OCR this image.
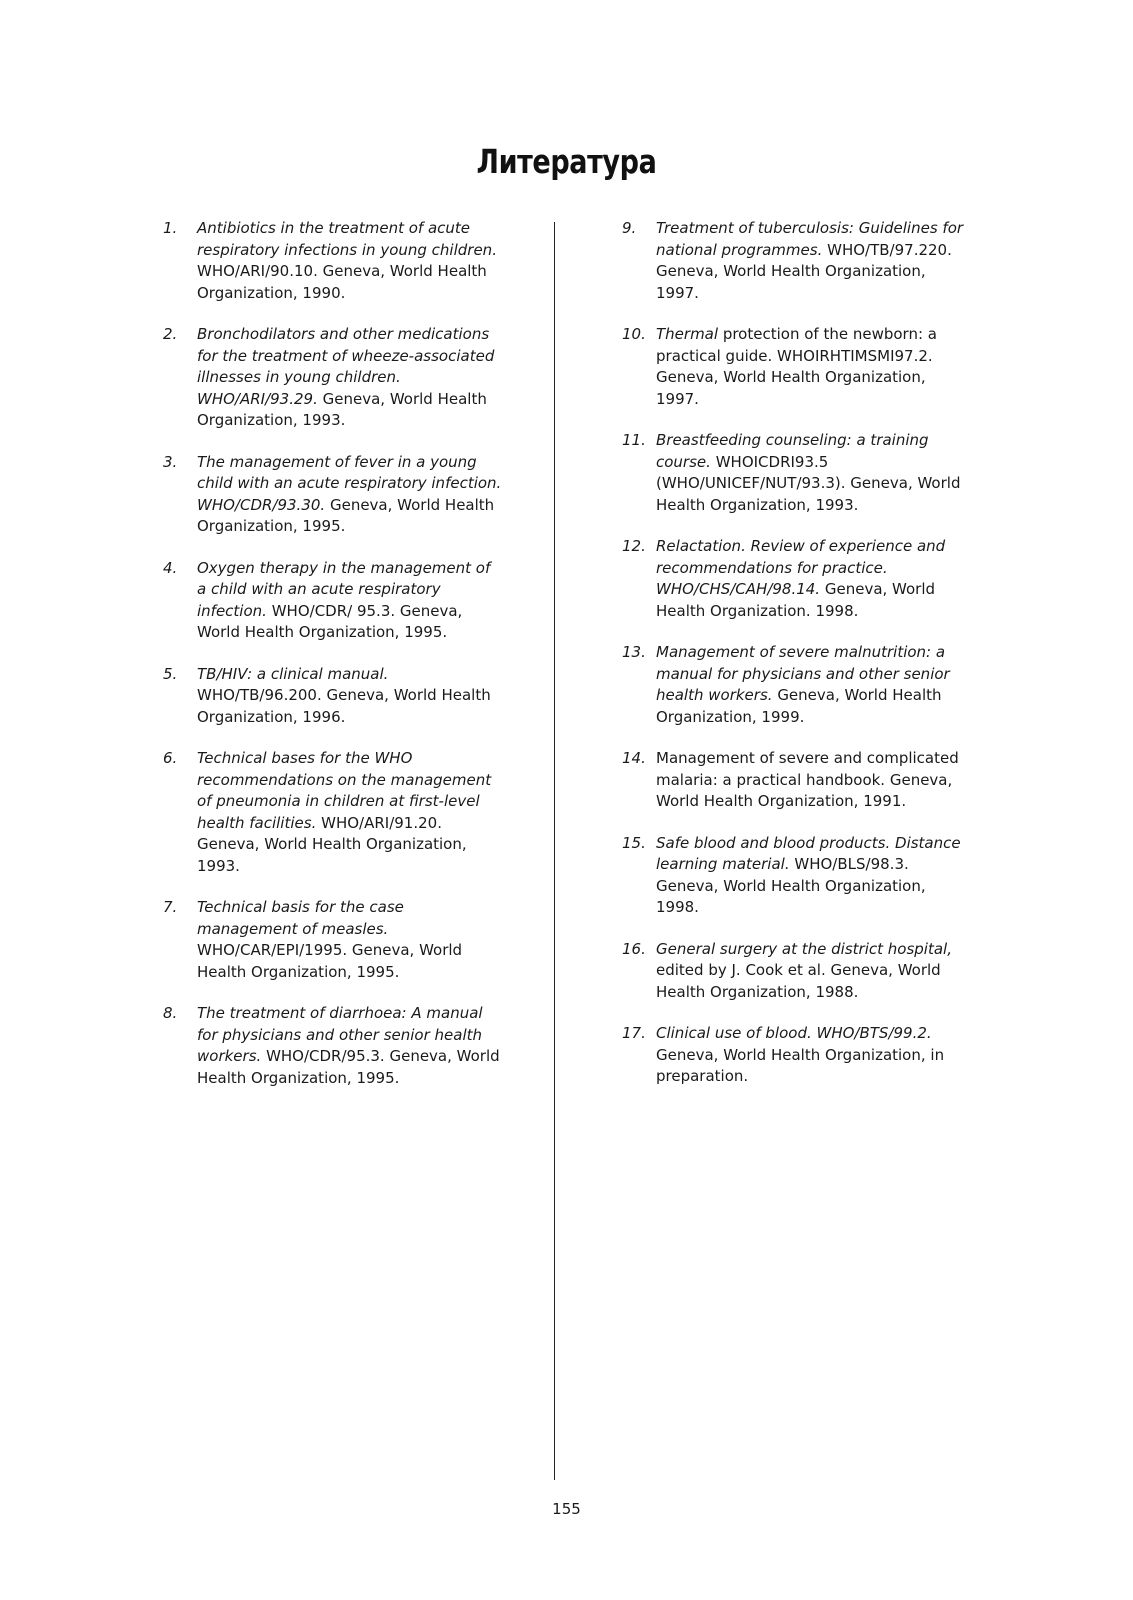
Литература
1.	Antibiotics in the treatment of acute respiratory infections in young children. WHO/ARI/90.10. Geneva, World Health Organization, 1990.
2.	Bronchodilators and other medications for the treatment of wheeze-associated illnesses in young children. WHO/ARI/93.29. Geneva, World Health Organization, 1993.
3.	The management of fever in a young child with an acute respiratory infection. WHO/CDR/93.30. Geneva, World Health Organization, 1995.
4.	Oxygen therapy in the management of a child with an acute respiratory infection. WHO/CDR/ 95.3. Geneva, World Health Organization, 1995.
5.	TB/HIV: a clinical manual. WHO/TB/96.200. Geneva, World Health Organization, 1996.
6.	Technical bases for the WHO recommendations on the management of pneumonia in children at first-level health facilities. WHO/ARI/91.20. Geneva, World Health Organization, 1993.
7.	Technical basis for the case management of measles. WHO/CAR/EPI/1995. Geneva, World Health Organization, 1995.
8.	The treatment of diarrhoea: A manual for physicians and other senior health workers. WHO/CDR/95.3. Geneva, World Health Organization, 1995.
9.	Treatment of tuberculosis: Guidelines for national programmes. WHO/TB/97.220. Geneva, World Health Organization, 1997.
10. Thermal protection of the newborn: a practical guide. WHOIRHTIMSMI97.2. Geneva, World Health Organization, 1997.
11. Breastfeeding counseling: a training course. WHOICDRI93.5 (WHO/UNICEF/NUT/93.3). Geneva, World Health Organization, 1993.
12. Relactation. Review of experience and recommendations for practice. WHO/CHS/CAH/98.14. Geneva, World Health Organization. 1998.
13. Management of severe malnutrition: a manual for physicians and other senior health workers. Geneva, World Health Organization, 1999.
14. Management of severe and complicated malaria: a practical handbook. Geneva, World Health Organization, 1991.
15. Safe blood and blood products. Distance learning material. WHO/BLS/98.3. Geneva, World Health Organization, 1998.
16. General surgery at the district hospital, edited by J. Cook et al. Geneva, World Health Organization, 1988.
17. Clinical use of blood. WHO/BTS/99.2. Geneva, World Health Organization, in preparation.
155
